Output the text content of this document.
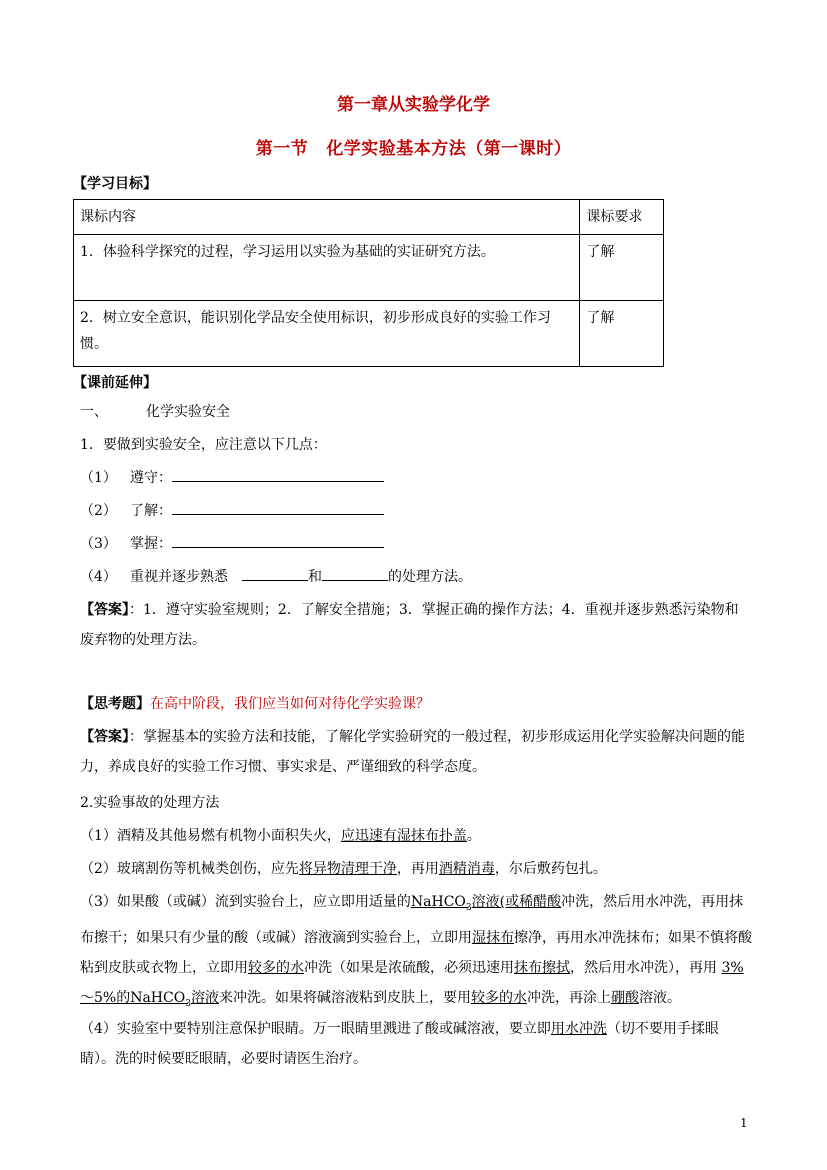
第一章从实验学化学
第一节 化学实验基本方法（第一课时）
【学习目标】
课标内容	课标要求
1．体验科学探究的过程，学习运用以实验为基础的实证研究方法。	了解
2．树立安全意识，能识别化学品安全使用标识，初步形成良好的实验工作习惯。	了解
【课前延伸】
一、	化学实验安全
1．要做到实验安全，应注意以下几点：
（1） 遵守：
（2） 了解：
（3） 掌握：
（4） 重视并逐步熟悉	和	的处理方法。
【答案】：1．遵守实验室规则；2．了解安全措施；3．掌握正确的操作方法；4．重视并逐步熟悉污染物和废弃物的处理方法。
【思考题】在高中阶段，我们应当如何对待化学实验课？
【答案】：掌握基本的实验方法和技能，了解化学实验研究的一般过程，初步形成运用化学实验解决问题的能力，养成良好的实验工作习惯、事实求是、严谨细致的科学态度。
2.实验事故的处理方法
（1）酒精及其他易燃有机物小面积失火，应迅速有湿抹布扑盖。
（2）玻璃割伤等机械类创伤，应先将异物清理干净，再用酒精消毒，尔后敷药包扎。
（3）如果酸（或碱）流到实验台上，应立即用适量的NaHCO$_3$溶液(或稀醋酸冲洗，然后用水冲洗，再用抹布擦干；如果只有少量的酸（或碱）溶液滴到实验台上，立即用湿抹布擦净，再用水冲洗抹布；如果不慎将酸粘到皮肤或衣物上，立即用较多的水冲洗（如果是浓硫酸，必须迅速用抹布擦拭，然后用水冲洗），再用 3%～5%的NaHCO$_3$溶液来冲洗。如果将碱溶液粘到皮肤上，要用较多的水冲洗，再涂上硼酸溶液。
（4）实验室中要特别注意保护眼睛。万一眼睛里溅进了酸或碱溶液，要立即用水冲洗（切不要用手揉眼睛）。洗的时候要眨眼睛，必要时请医生治疗。
1
